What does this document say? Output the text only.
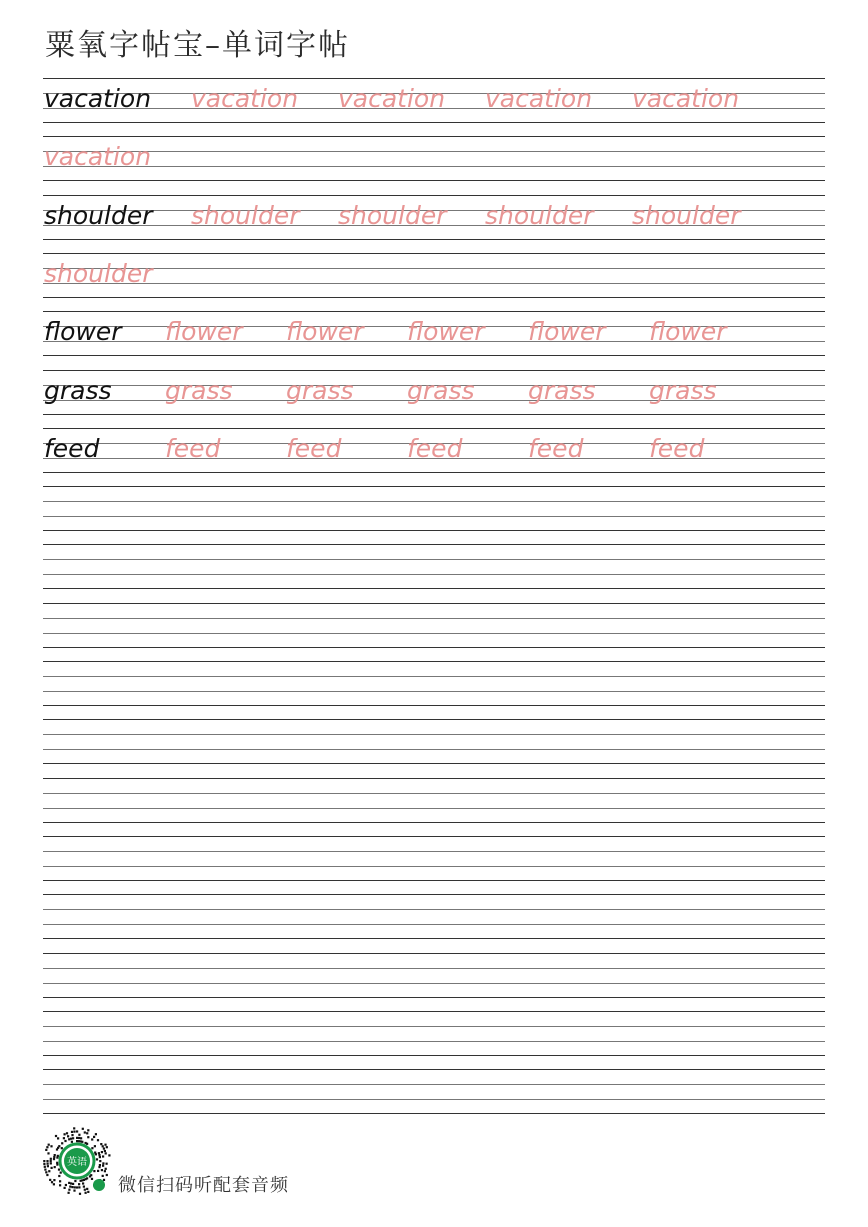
粟氧字帖宝–单词字帖
vacation vacation vacation vacation vacation
vacation
shoulder shoulder shoulder shoulder shoulder
shoulder
flower flower flower flower flower flower
grass grass grass grass grass grass
feed	feed	feed	feed	feed	feed
英语
微信扫码听配套音频
